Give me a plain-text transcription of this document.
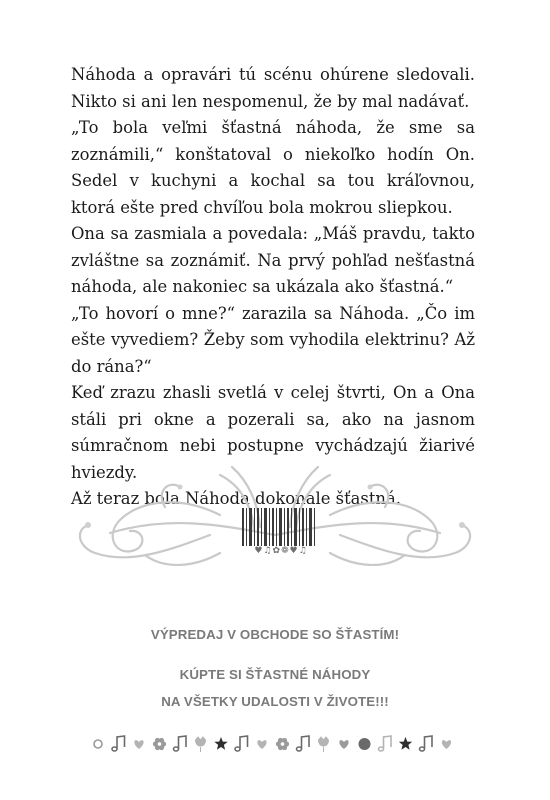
Náhoda a opravári tú scénu ohúrene sledovali. Nikto si ani len nespomenul, že by mal nadávať.

„To bola veľmi šťastná náhoda, že sme sa zoznámili,“ konštatoval o niekoľko hodín On. Sedel v kuchyni a kochal sa tou kráľovnou, ktorá ešte pred chvíľou bola mokrou sliepkou.

Ona sa zasmiala a povedala: „Máš pravdu, takto zvláštne sa zoznámiť. Na prvý pohľad nešťastná náhoda, ale nakoniec sa ukázala ako šťastná.“

„To hovorí o mne?“ zarazila sa Náhoda. „Čo im ešte vyvediem? Žeby som vyhodila elektrinu? Až do rána?“

Keď zrazu zhasli svetlá v celej štvrti, On a Ona stáli pri okne a pozerali sa, ako na jasnom súmračnom nebi postupne vychádzajú žiarivé hviezdy.

Až teraz bola Náhoda dokonale šťastná.

♥♫✿❁♥♫
VÝPREDAJ V OBCHODE SO ŠŤASTÍM!
KÚPTE SI ŠŤASTNÉ NÁHODY
NA VŠETKY UDALOSTI V ŽIVOTE!!!
